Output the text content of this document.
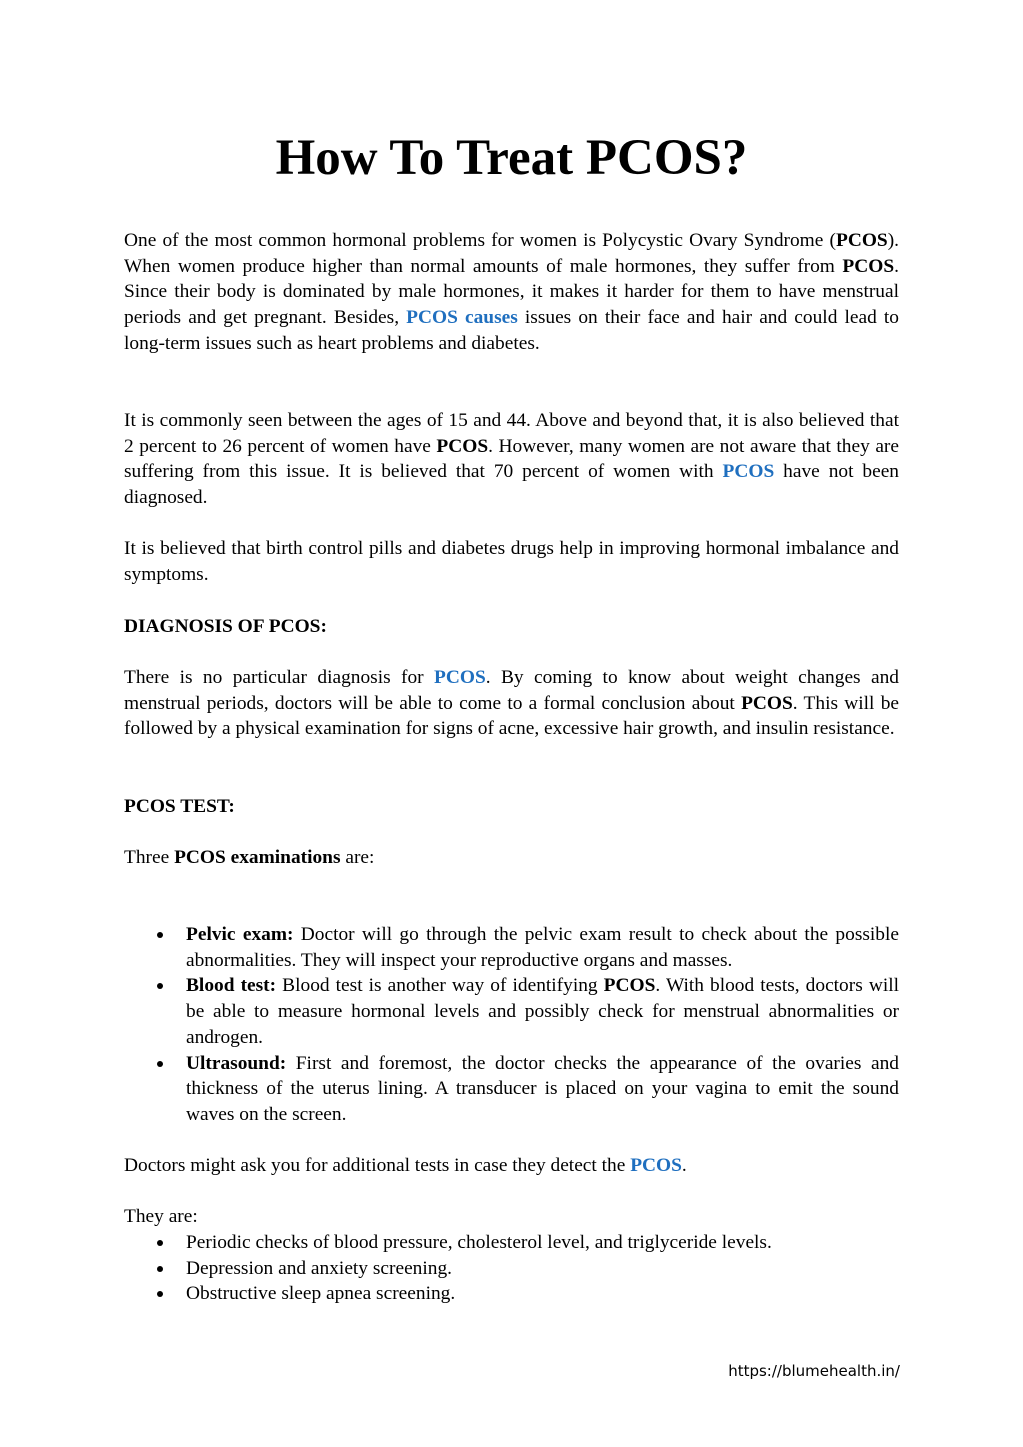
How To Treat PCOS?

One of the most common hormonal problems for women is Polycystic Ovary Syndrome (PCOS). When women produce higher than normal amounts of male hormones, they suffer from PCOS. Since their body is dominated by male hormones, it makes it harder for them to have menstrual periods and get pregnant. Besides, PCOS causes issues on their face and hair and could lead to long-term issues such as heart problems and diabetes.

It is commonly seen between the ages of 15 and 44. Above and beyond that, it is also believed that 2 percent to 26 percent of women have PCOS. However, many women are not aware that they are suffering from this issue. It is believed that 70 percent of women with PCOS have not been diagnosed.

It is believed that birth control pills and diabetes drugs help in improving hormonal imbalance and symptoms.

DIAGNOSIS OF PCOS:

There is no particular diagnosis for PCOS. By coming to know about weight changes and menstrual periods, doctors will be able to come to a formal conclusion about PCOS. This will be followed by a physical examination for signs of acne, excessive hair growth, and insulin resistance.

PCOS TEST:

Three PCOS examinations are:

Pelvic exam: Doctor will go through the pelvic exam result to check about the possible abnormalities. They will inspect your reproductive organs and masses.
Blood test: Blood test is another way of identifying PCOS. With blood tests, doctors will be able to measure hormonal levels and possibly check for menstrual abnormalities or androgen.
Ultrasound: First and foremost, the doctor checks the appearance of the ovaries and thickness of the uterus lining. A transducer is placed on your vagina to emit the sound waves on the screen.

Doctors might ask you for additional tests in case they detect the PCOS.

They are:

Periodic checks of blood pressure, cholesterol level, and triglyceride levels.
Depression and anxiety screening.
Obstructive sleep apnea screening.
https://blumehealth.in/
